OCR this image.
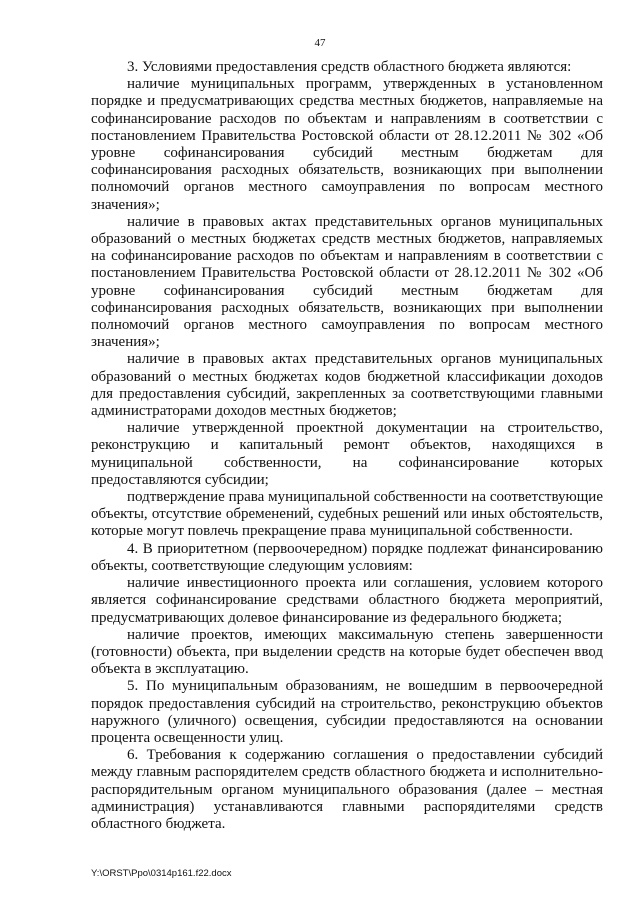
47

3. Условиями предоставления средств областного бюджета являются:

наличие муниципальных программ, утвержденных в установленном порядке и предусматривающих средства местных бюджетов, направляемые на софинансирование расходов по объектам и направлениям в соответствии с постановлением Правительства Ростовской области от 28.12.2011 № 302 «Об уровне софинансирования субсидий местным бюджетам для софинансирования расходных обязательств, возникающих при выполнении полномочий органов местного самоуправления по вопросам местного значения»;

наличие в правовых актах представительных органов муниципальных образований о местных бюджетах средств местных бюджетов, направляемых на софинансирование расходов по объектам и направлениям в соответствии с постановлением Правительства Ростовской области от 28.12.2011 № 302 «Об уровне софинансирования субсидий местным бюджетам для софинансирования расходных обязательств, возникающих при выполнении полномочий органов местного самоуправления по вопросам местного значения»;

наличие в правовых актах представительных органов муниципальных образований о местных бюджетах кодов бюджетной классификации доходов для предоставления субсидий, закрепленных за соответствующими главными администраторами доходов местных бюджетов;

наличие утвержденной проектной документации на строительство, реконструкцию и капитальный ремонт объектов, находящихся в муниципальной собственности, на софинансирование которых предоставляются субсидии;

подтверждение права муниципальной собственности на соответствующие объекты, отсутствие обременений, судебных решений или иных обстоятельств, которые могут повлечь прекращение права муниципальной собственности.

4. В приоритетном (первоочередном) порядке подлежат финансированию объекты, соответствующие следующим условиям:

наличие инвестиционного проекта или соглашения, условием которого является софинансирование средствами областного бюджета мероприятий, предусматривающих долевое финансирование из федерального бюджета;

наличие проектов, имеющих максимальную степень завершенности (готовности) объекта, при выделении средств на которые будет обеспечен ввод объекта в эксплуатацию.

5. По муниципальным образованиям, не вошедшим в первоочередной порядок предоставления субсидий на строительство, реконструкцию объектов наружного (уличного) освещения, субсидии предоставляются на основании процента освещенности улиц.

6. Требования к содержанию соглашения о предоставлении субсидий между главным распорядителем средств областного бюджета и исполнительно-распорядительным органом муниципального образования (далее – местная администрация) устанавливаются главными распорядителями средств областного бюджета.

Y:\ORST\Ppo\0314p161.f22.docx
